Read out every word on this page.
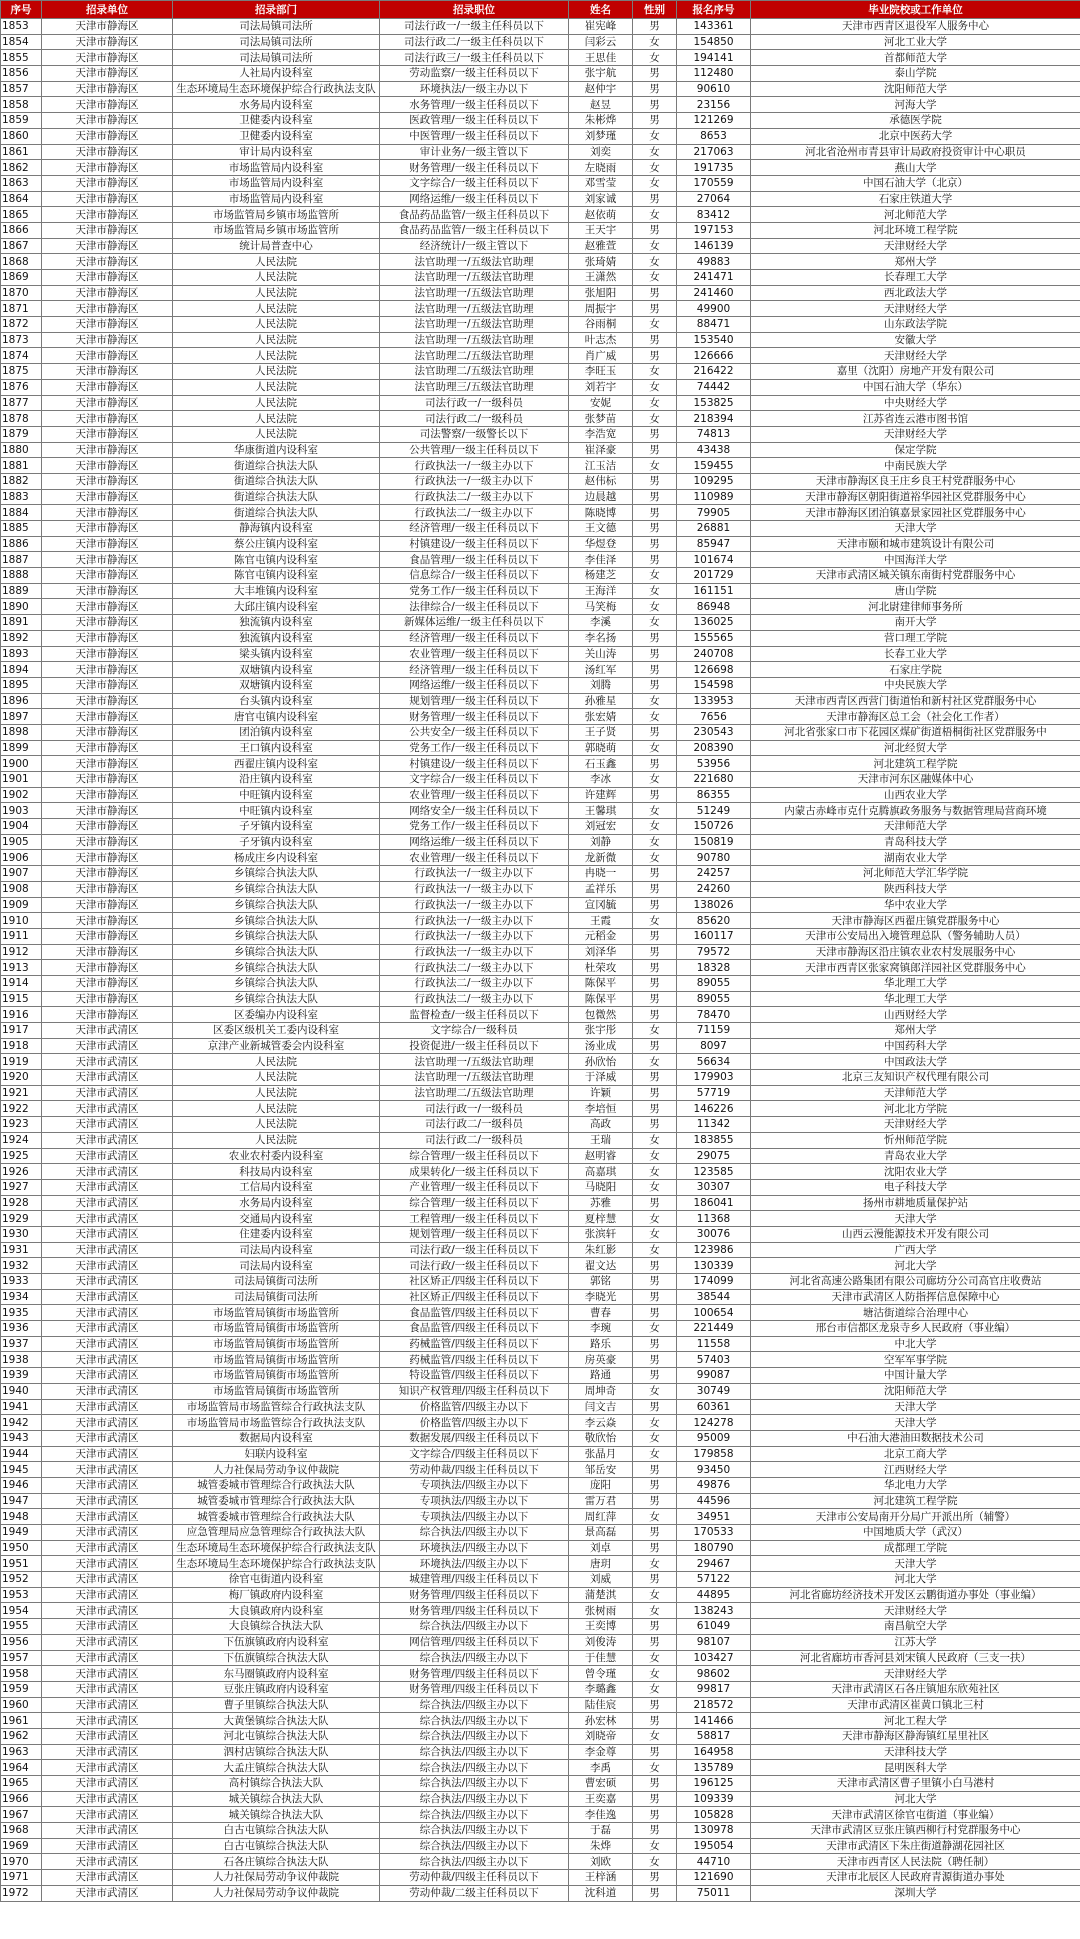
序号	招录单位	招录部门	招录职位	姓名	性别	报名序号	毕业院校或工作单位
1853	天津市静海区	司法局镇司法所	司法行政一/一级主任科员以下	崔宪峰	男	143361	天津市西青区退役军人服务中心
1854	天津市静海区	司法局镇司法所	司法行政二/一级主任科员以下	闫彩云	女	154850	河北工业大学
1855	天津市静海区	司法局镇司法所	司法行政三/一级主任科员以下	王思佳	女	194141	首都师范大学
1856	天津市静海区	人社局内设科室	劳动监察/一级主任科员以下	张宇航	男	112480	泰山学院
1857	天津市静海区	生态环境局生态环境保护综合行政执法支队	环境执法/一级主办以下	赵仲宇	男	90610	沈阳师范大学
1858	天津市静海区	水务局内设科室	水务管理/一级主任科员以下	赵昱	男	23156	河海大学
1859	天津市静海区	卫健委内设科室	医政管理/一级主任科员以下	朱彬烨	男	121269	承德医学院
1860	天津市静海区	卫健委内设科室	中医管理/一级主任科员以下	刘梦瑾	女	8653	北京中医药大学
1861	天津市静海区	审计局内设科室	审计业务/一级主管以下	刘奕	女	217063	河北省沧州市青县审计局政府投资审计中心职员
1862	天津市静海区	市场监管局内设科室	财务管理/一级主任科员以下	左晓雨	女	191735	燕山大学
1863	天津市静海区	市场监管局内设科室	文字综合/一级主任科员以下	邓雪莹	女	170559	中国石油大学（北京）
1864	天津市静海区	市场监管局内设科室	网络运维/一级主任科员以下	刘家诚	男	27064	石家庄铁道大学
1865	天津市静海区	市场监管局乡镇市场监管所	食品药品监管/一级主任科员以下	赵依萌	女	83412	河北师范大学
1866	天津市静海区	市场监管局乡镇市场监管所	食品药品监管/一级主任科员以下	王天宇	男	197153	河北环境工程学院
1867	天津市静海区	统计局普查中心	经济统计/一级主管以下	赵雅萱	女	146139	天津财经大学
1868	天津市静海区	人民法院	法官助理一/五级法官助理	张琦婧	女	49883	郑州大学
1869	天津市静海区	人民法院	法官助理一/五级法官助理	王潇然	女	241471	长春理工大学
1870	天津市静海区	人民法院	法官助理一/五级法官助理	张旭阳	男	241460	西北政法大学
1871	天津市静海区	人民法院	法官助理一/五级法官助理	周振宇	男	49900	天津财经大学
1872	天津市静海区	人民法院	法官助理一/五级法官助理	谷雨桐	女	88471	山东政法学院
1873	天津市静海区	人民法院	法官助理一/五级法官助理	叶志杰	男	153540	安徽大学
1874	天津市静海区	人民法院	法官助理二/五级法官助理	肖广威	男	126666	天津财经大学
1875	天津市静海区	人民法院	法官助理二/五级法官助理	李旺玉	女	216422	嘉里（沈阳）房地产开发有限公司
1876	天津市静海区	人民法院	法官助理三/五级法官助理	刘若宇	女	74442	中国石油大学（华东）
1877	天津市静海区	人民法院	司法行政一/一级科员	安妮	女	153825	中央财经大学
1878	天津市静海区	人民法院	司法行政二/一级科员	张梦苗	女	218394	江苏省连云港市图书馆
1879	天津市静海区	人民法院	司法警察/一级警长以下	李浩宽	男	74813	天津财经大学
1880	天津市静海区	华康街道内设科室	公共管理/一级主任科员以下	崔泽豪	男	43438	保定学院
1881	天津市静海区	街道综合执法大队	行政执法一/一级主办以下	江玉洁	女	159455	中南民族大学
1882	天津市静海区	街道综合执法大队	行政执法一/一级主办以下	赵伟标	男	109295	天津市静海区良王庄乡良王村党群服务中心
1883	天津市静海区	街道综合执法大队	行政执法二/一级主办以下	边晨越	男	110989	天津市静海区朝阳街道裕华园社区党群服务中心
1884	天津市静海区	街道综合执法大队	行政执法二/一级主办以下	陈晓博	男	79905	天津市静海区团泊镇嘉景家园社区党群服务中心
1885	天津市静海区	静海镇内设科室	经济管理/一级主任科员以下	王文德	男	26881	天津大学
1886	天津市静海区	蔡公庄镇内设科室	村镇建设/一级主任科员以下	华煜登	男	85947	天津市颐和城市建筑设计有限公司
1887	天津市静海区	陈官屯镇内设科室	食品管理/一级主任科员以下	李佳泽	男	101674	中国海洋大学
1888	天津市静海区	陈官屯镇内设科室	信息综合/一级主任科员以下	杨建芝	女	201729	天津市武清区城关镇东南街村党群服务中心
1889	天津市静海区	大丰堆镇内设科室	党务工作/一级主任科员以下	王海洋	女	161151	唐山学院
1890	天津市静海区	大邱庄镇内设科室	法律综合/一级主任科员以下	马笑梅	女	86948	河北尉建律师事务所
1891	天津市静海区	独流镇内设科室	新媒体运维/一级主任科员以下	李溪	女	136025	南开大学
1892	天津市静海区	独流镇内设科室	经济管理/一级主任科员以下	李名扬	男	155565	营口理工学院
1893	天津市静海区	梁头镇内设科室	农业管理/一级主任科员以下	关山涛	男	240708	长春工业大学
1894	天津市静海区	双塘镇内设科室	经济管理/一级主任科员以下	汤红军	男	126698	石家庄学院
1895	天津市静海区	双塘镇内设科室	网络运维/一级主任科员以下	刘腾	男	154598	中央民族大学
1896	天津市静海区	台头镇内设科室	规划管理/一级主任科员以下	孙雅星	女	133953	天津市西青区西营门街道怡和新村社区党群服务中心
1897	天津市静海区	唐官屯镇内设科室	财务管理/一级主任科员以下	张宏婧	女	7656	天津市静海区总工会（社会化工作者）
1898	天津市静海区	团泊镇内设科室	公共安全/一级主任科员以下	王子贤	男	230543	河北省张家口市下花园区煤矿街道梧桐街社区党群服务中
1899	天津市静海区	王口镇内设科室	党务工作/一级主任科员以下	郭晓萌	女	208390	河北经贸大学
1900	天津市静海区	西翟庄镇内设科室	村镇建设/一级主任科员以下	石玉鑫	男	53956	河北建筑工程学院
1901	天津市静海区	沿庄镇内设科室	文字综合/一级主任科员以下	李冰	女	221680	天津市河东区融媒体中心
1902	天津市静海区	中旺镇内设科室	农业管理/一级主任科员以下	许建辉	男	86355	山西农业大学
1903	天津市静海区	中旺镇内设科室	网络安全/一级主任科员以下	王馨琪	女	51249	内蒙古赤峰市克什克腾旗政务服务与数据管理局营商环境
1904	天津市静海区	子牙镇内设科室	党务工作/一级主任科员以下	刘冠宏	女	150726	天津师范大学
1905	天津市静海区	子牙镇内设科室	网络运维/一级主任科员以下	刘静	女	150819	青岛科技大学
1906	天津市静海区	杨成庄乡内设科室	农业管理/一级主任科员以下	龙新微	女	90780	湖南农业大学
1907	天津市静海区	乡镇综合执法大队	行政执法一/一级主办以下	冉晓一	男	24257	河北师范大学汇华学院
1908	天津市静海区	乡镇综合执法大队	行政执法一/一级主办以下	孟祥乐	男	24260	陕西科技大学
1909	天津市静海区	乡镇综合执法大队	行政执法一/一级主办以下	宣冈毓	男	138026	华中农业大学
1910	天津市静海区	乡镇综合执法大队	行政执法一/一级主办以下	王霞	女	85620	天津市静海区西翟庄镇党群服务中心
1911	天津市静海区	乡镇综合执法大队	行政执法一/一级主办以下	元稻金	男	160117	天津市公安局出入境管理总队（警务辅助人员）
1912	天津市静海区	乡镇综合执法大队	行政执法一/一级主办以下	刘泽华	男	79572	天津市静海区沿庄镇农业农村发展服务中心
1913	天津市静海区	乡镇综合执法大队	行政执法二/一级主办以下	杜荣攻	男	18328	天津市西青区张家窝镇郎洋园社区党群服务中心
1914	天津市静海区	乡镇综合执法大队	行政执法二/一级主办以下	陈保平	男	89055	华北理工大学
1915	天津市静海区	乡镇综合执法大队	行政执法二/一级主办以下	陈保平	男	89055	华北理工大学
1916	天津市静海区	区委编办内设科室	监督检查/一级主任科员以下	包微然	男	78470	山西财经大学
1917	天津市武清区	区委区级机关工委内设科室	文字综合/一级科员	张宇彤	女	71159	郑州大学
1918	天津市武清区	京津产业新城管委会内设科室	投资促进/一级主任科员以下	汤业成	男	8097	中国药科大学
1919	天津市武清区	人民法院	法官助理一/五级法官助理	孙欣怡	女	56634	中国政法大学
1920	天津市武清区	人民法院	法官助理一/五级法官助理	于泽威	男	179903	北京三友知识产权代理有限公司
1921	天津市武清区	人民法院	法官助理二/五级法官助理	许颖	男	57719	天津师范大学
1922	天津市武清区	人民法院	司法行政一/一级科员	李培恒	男	146226	河北北方学院
1923	天津市武清区	人民法院	司法行政二/一级科员	高政	男	11342	天津财经大学
1924	天津市武清区	人民法院	司法行政二/一级科员	王瑞	女	183855	忻州师范学院
1925	天津市武清区	农业农村委内设科室	综合管理/一级主任科员以下	赵明睿	女	29075	青岛农业大学
1926	天津市武清区	科技局内设科室	成果转化/一级主任科员以下	高嘉琪	女	123585	沈阳农业大学
1927	天津市武清区	工信局内设科室	产业管理/一级主任科员以下	马晓阳	女	30307	电子科技大学
1928	天津市武清区	水务局内设科室	综合管理/一级主任科员以下	苏雅	男	186041	扬州市耕地质量保护站
1929	天津市武清区	交通局内设科室	工程管理/一级主任科员以下	夏梓慧	女	11368	天津大学
1930	天津市武清区	住建委内设科室	规划管理/一级主任科员以下	张滨轩	女	30076	山西云漫能源技术开发有限公司
1931	天津市武清区	司法局内设科室	司法行政/一级主任科员以下	朱红影	女	123986	广西大学
1932	天津市武清区	司法局内设科室	司法行政/一级主任科员以下	翟文达	男	130339	河北大学
1933	天津市武清区	司法局镇街司法所	社区矫正/四级主任科员以下	郭铭	男	174099	河北省高速公路集团有限公司廊坊分公司高官庄收费站
1934	天津市武清区	司法局镇街司法所	社区矫正/四级主任科员以下	李晓光	男	38544	天津市武清区人防指挥信息保障中心
1935	天津市武清区	市场监管局镇街市场监管所	食品监管/四级主任科员以下	曹春	男	100654	塘沽街道综合治理中心
1936	天津市武清区	市场监管局镇街市场监管所	食品监管/四级主任科员以下	李琬	女	221449	邢台市信都区龙泉寺乡人民政府（事业编）
1937	天津市武清区	市场监管局镇街市场监管所	药械监管/四级主任科员以下	路乐	男	11558	中北大学
1938	天津市武清区	市场监管局镇街市场监管所	药械监管/四级主任科员以下	房英豪	男	57403	空军军事学院
1939	天津市武清区	市场监管局镇街市场监管所	特设监管/四级主任科员以下	路通	男	99087	中国计量大学
1940	天津市武清区	市场监管局镇街市场监管所	知识产权管理/四级主任科员以下	周坤奇	女	30749	沈阳师范大学
1941	天津市武清区	市场监管局市场监管综合行政执法支队	价格监管/四级主办以下	闫文吉	男	60361	天津大学
1942	天津市武清区	市场监管局市场监管综合行政执法支队	价格监管/四级主办以下	李云焱	女	124278	天津大学
1943	天津市武清区	数据局内设科室	数据发展/四级主任科员以下	敬欣怡	女	95009	中石油大港油田数据技术公司
1944	天津市武清区	妇联内设科室	文字综合/四级主任科员以下	张晶月	女	179858	北京工商大学
1945	天津市武清区	人力社保局劳动争议仲裁院	劳动仲裁/四级主任科员以下	邹岳安	男	93450	江西财经大学
1946	天津市武清区	城管委城市管理综合行政执法大队	专项执法/四级主办以下	庞阳	男	49876	华北电力大学
1947	天津市武清区	城管委城市管理综合行政执法大队	专项执法/四级主办以下	雷万君	男	44596	河北建筑工程学院
1948	天津市武清区	城管委城市管理综合行政执法大队	专项执法/四级主办以下	周红萍	女	34951	天津市公安局南开分局广开派出所（辅警）
1949	天津市武清区	应急管理局应急管理综合行政执法大队	综合执法/四级主办以下	景高磊	男	170533	中国地质大学（武汉）
1950	天津市武清区	生态环境局生态环境保护综合行政执法支队	环境执法/四级主办以下	刘卓	男	180790	成都理工学院
1951	天津市武清区	生态环境局生态环境保护综合行政执法支队	环境执法/四级主办以下	唐玥	女	29467	天津大学
1952	天津市武清区	徐官屯街道内设科室	城建管理/四级主任科员以下	刘威	男	57122	河北大学
1953	天津市武清区	梅厂镇政府内设科室	财务管理/四级主任科员以下	蒲楚淇	女	44895	河北省廊坊经济技术开发区云鹏街道办事处（事业编）
1954	天津市武清区	大良镇政府内设科室	财务管理/四级主任科员以下	张树雨	女	138243	天津财经大学
1955	天津市武清区	大良镇综合执法大队	综合执法/四级主办以下	王奕博	男	61049	南昌航空大学
1956	天津市武清区	下伍旗镇政府内设科室	网信管理/四级主任科员以下	刘俊涛	男	98107	江苏大学
1957	天津市武清区	下伍旗镇综合执法大队	综合执法/四级主办以下	于佳慧	女	103427	河北省廊坊市香河县刘宋镇人民政府（三支一扶）
1958	天津市武清区	东马圈镇政府内设科室	财务管理/四级主任科员以下	曾令瑾	女	98602	天津财经大学
1959	天津市武清区	豆张庄镇政府内设科室	财务管理/四级主任科员以下	李璐鑫	女	99817	天津市武清区石各庄镇旭东欣苑社区
1960	天津市武清区	曹子里镇综合执法大队	综合执法/四级主办以下	陆佳宸	男	218572	天津市武清区崔黄口镇北三村
1961	天津市武清区	大黄堡镇综合执法大队	综合执法/四级主办以下	孙宏林	男	141466	河北工程大学
1962	天津市武清区	河北屯镇综合执法大队	综合执法/四级主办以下	刘晓帝	女	58817	天津市静海区静海镇红星里社区
1963	天津市武清区	泗村店镇综合执法大队	综合执法/四级主办以下	李金尊	男	164958	天津科技大学
1964	天津市武清区	大孟庄镇综合执法大队	综合执法/四级主办以下	李禹	女	135789	昆明医科大学
1965	天津市武清区	高村镇综合执法大队	综合执法/四级主办以下	曹宏硕	男	196125	天津市武清区曹子里镇小白马港村
1966	天津市武清区	城关镇综合执法大队	综合执法/四级主办以下	王奕嘉	男	109339	河北大学
1967	天津市武清区	城关镇综合执法大队	综合执法/四级主办以下	李佳逸	男	105828	天津市武清区徐官屯街道（事业编）
1968	天津市武清区	白古屯镇综合执法大队	综合执法/四级主办以下	于磊	男	130978	天津市武清区豆张庄镇西柳行村党群服务中心
1969	天津市武清区	白古屯镇综合执法大队	综合执法/四级主办以下	朱烨	女	195054	天津市武清区下朱庄街道静湖花园社区
1970	天津市武清区	石各庄镇综合执法大队	综合执法/四级主办以下	刘欧	女	44710	天津市西青区人民法院（聘任制）
1971	天津市武清区	人力社保局劳动争议仲裁院	劳动仲裁/四级主任科员以下	王梓涵	男	121690	天津市北辰区人民政府青源街道办事处
1972	天津市武清区	人力社保局劳动争议仲裁院	劳动仲裁/二级主任科员以下	沈科道	男	75011	深圳大学
